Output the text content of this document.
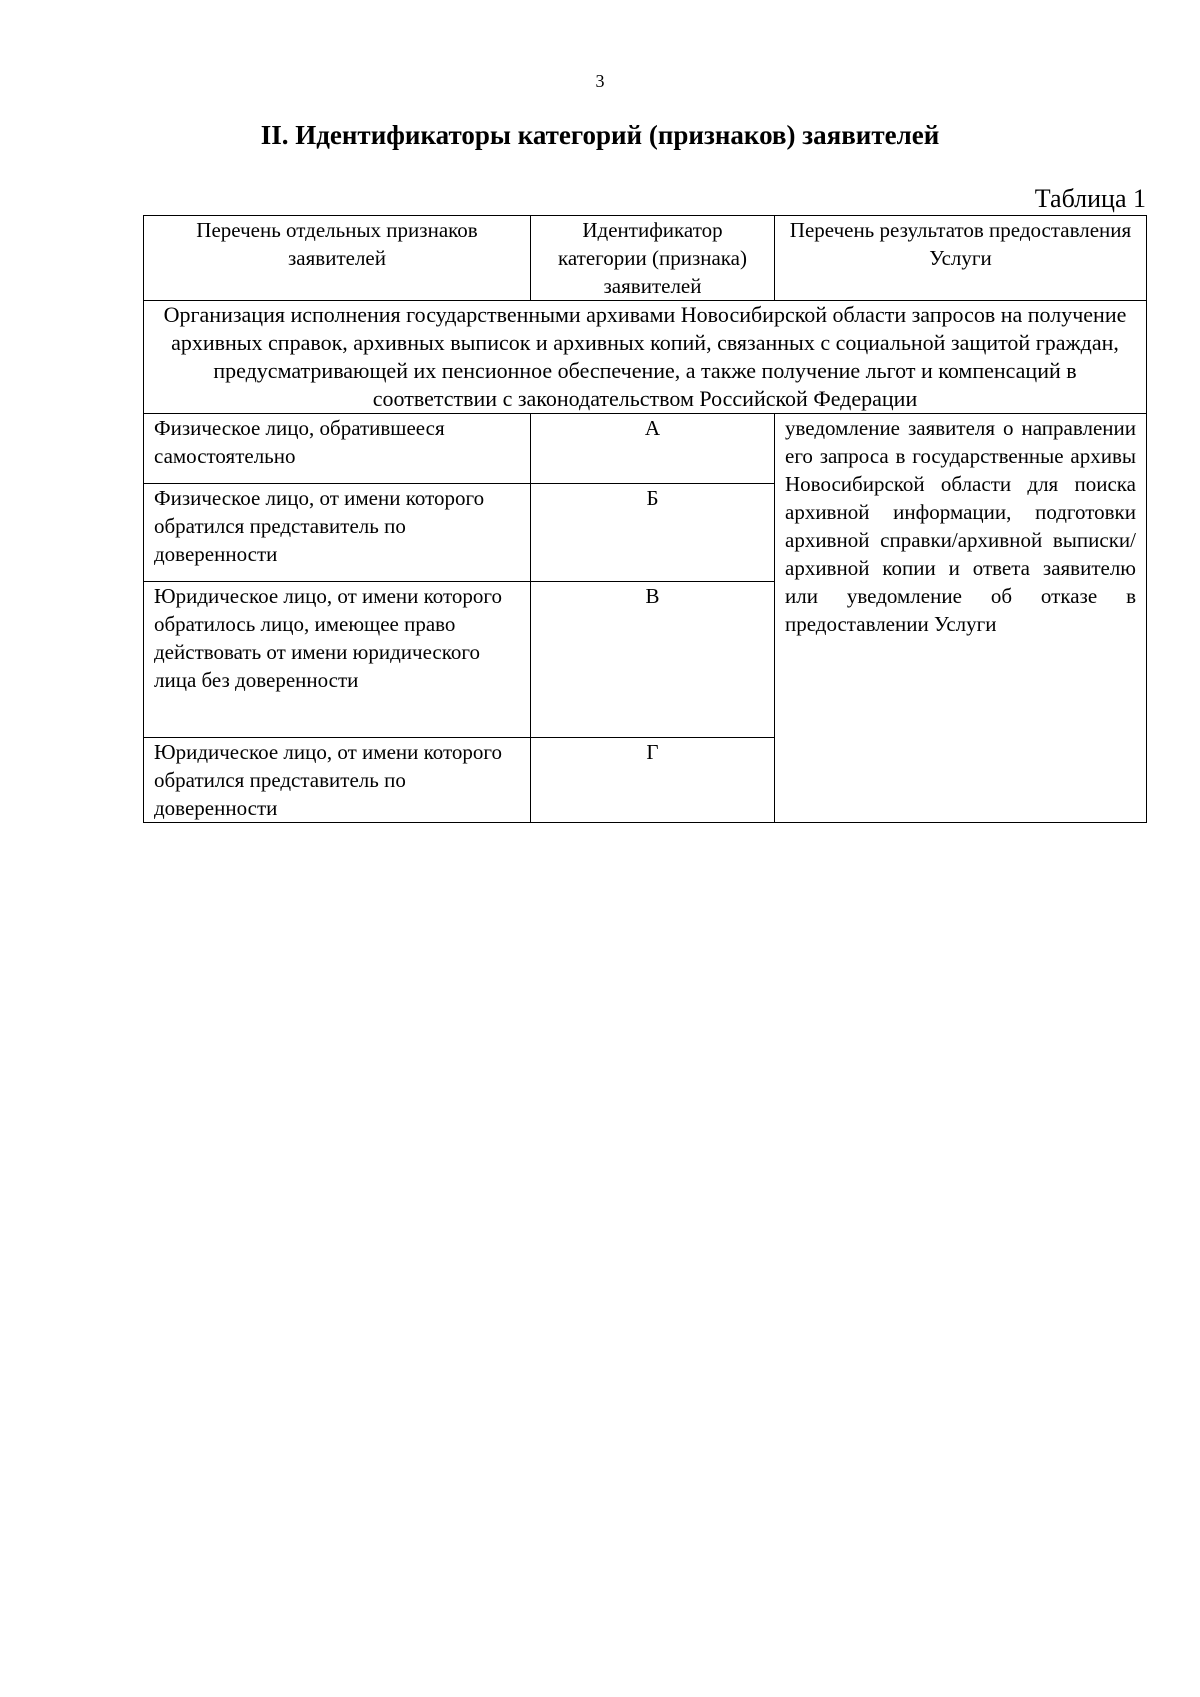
3
II. Идентификаторы категорий (признаков) заявителей
Таблица 1
Перечень отдельных признаков заявителей	Идентификатор категории (признака) заявителей	Перечень результатов предоставления Услуги
Организация исполнения государственными архивами Новосибирской области запросов на получение архивных справок, архивных выписок и архивных копий, связанных с социальной защитой граждан, предусматривающей их пенсионное обеспечение, а также получение льгот и компенсаций в соответствии с законодательством Российской Федерации		
Физическое лицо, обратившееся самостоятельно	А	уведомление заявителя о направлении его запроса в государственные архивы Новосибирской области для поиска архивной информации, подготовки архивной справки/архивной выписки/архивной копии и ответа заявителю или уведомление об отказе в предоставлении Услуги
Физическое лицо, от имени которого обратился представитель по доверенности	Б	
Юридическое лицо, от имени которого обратилось лицо, имеющее право действовать от имени юридического лица без доверенности	В	
Юридическое лицо, от имени которого обратился представитель по доверенности	Г	
